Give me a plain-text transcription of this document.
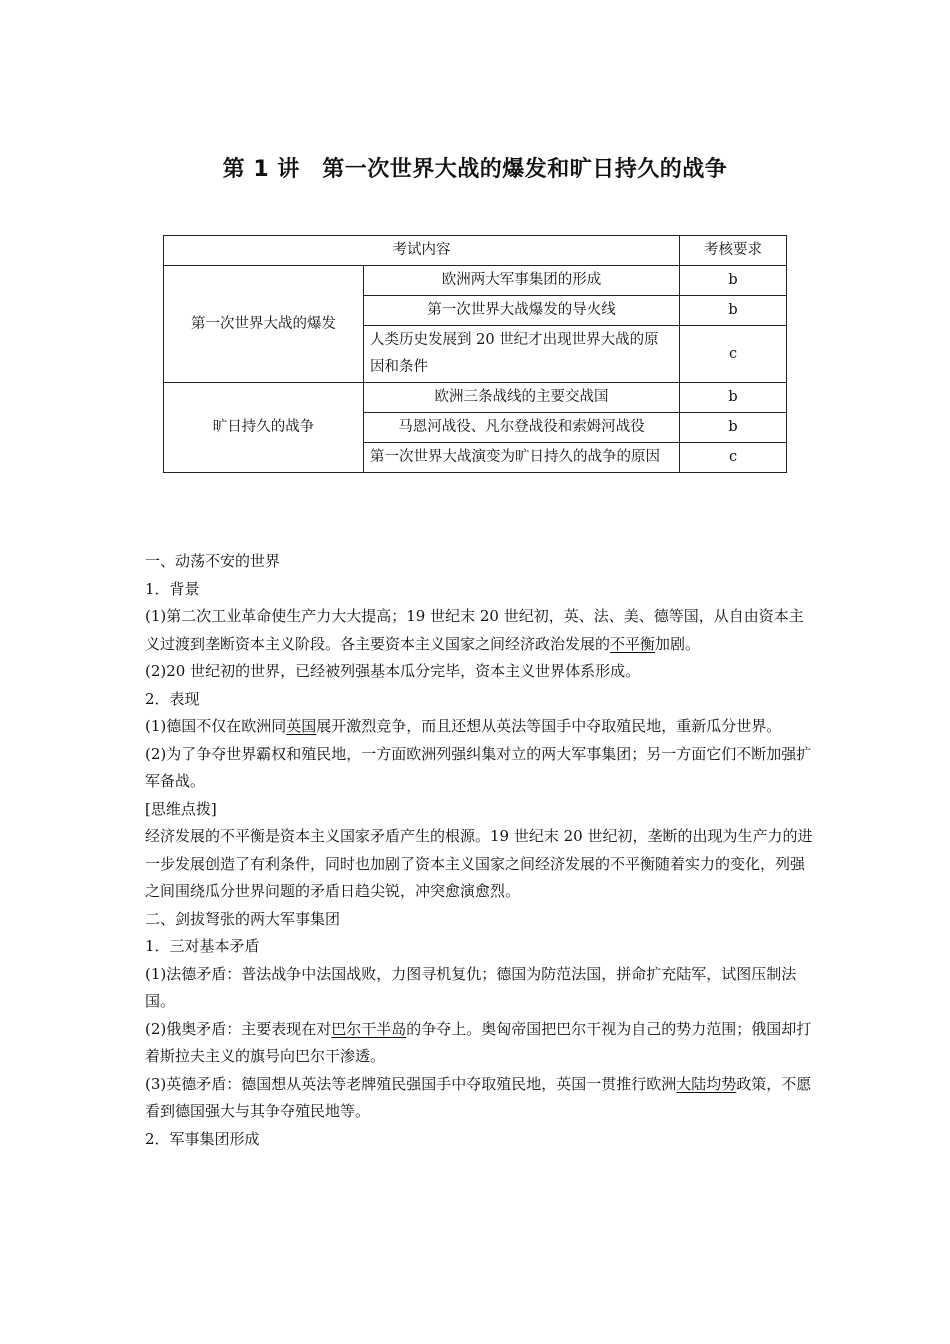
第 1 讲　第一次世界大战的爆发和旷日持久的战争
考试内容		考核要求
第一次世界大战的爆发	欧洲两大军事集团的形成	b
	第一次世界大战爆发的导火线	b
	人类历史发展到 20 世纪才出现世界大战的原因和条件	c
旷日持久的战争	欧洲三条战线的主要交战国	b
	马恩河战役、凡尔登战役和索姆河战役	b
	第一次世界大战演变为旷日持久的战争的原因	c

一、动荡不安的世界

1．背景

(1)第二次工业革命使生产力大大提高；19 世纪末 20 世纪初，英、法、美、德等国，从自由资本主义过渡到垄断资本主义阶段。各主要资本主义国家之间经济政治发展的不平衡加剧。

(2)20 世纪初的世界，已经被列强基本瓜分完毕，资本主义世界体系形成。

2．表现

(1)德国不仅在欧洲同英国展开激烈竞争，而且还想从英法等国手中夺取殖民地，重新瓜分世界。

(2)为了争夺世界霸权和殖民地，一方面欧洲列强纠集对立的两大军事集团；另一方面它们不断加强扩军备战。

[思维点拨]

经济发展的不平衡是资本主义国家矛盾产生的根源。19 世纪末 20 世纪初，垄断的出现为生产力的进一步发展创造了有利条件，同时也加剧了资本主义国家之间经济发展的不平衡随着实力的变化，列强之间围绕瓜分世界问题的矛盾日趋尖锐，冲突愈演愈烈。

二、剑拔弩张的两大军事集团

1．三对基本矛盾

(1)法德矛盾：普法战争中法国战败，力图寻机复仇；德国为防范法国，拼命扩充陆军，试图压制法国。

(2)俄奥矛盾：主要表现在对巴尔干半岛的争夺上。奥匈帝国把巴尔干视为自己的势力范围；俄国却打着斯拉夫主义的旗号向巴尔干渗透。

(3)英德矛盾：德国想从英法等老牌殖民强国手中夺取殖民地，英国一贯推行欧洲大陆均势政策，不愿看到德国强大与其争夺殖民地等。

2．军事集团形成
